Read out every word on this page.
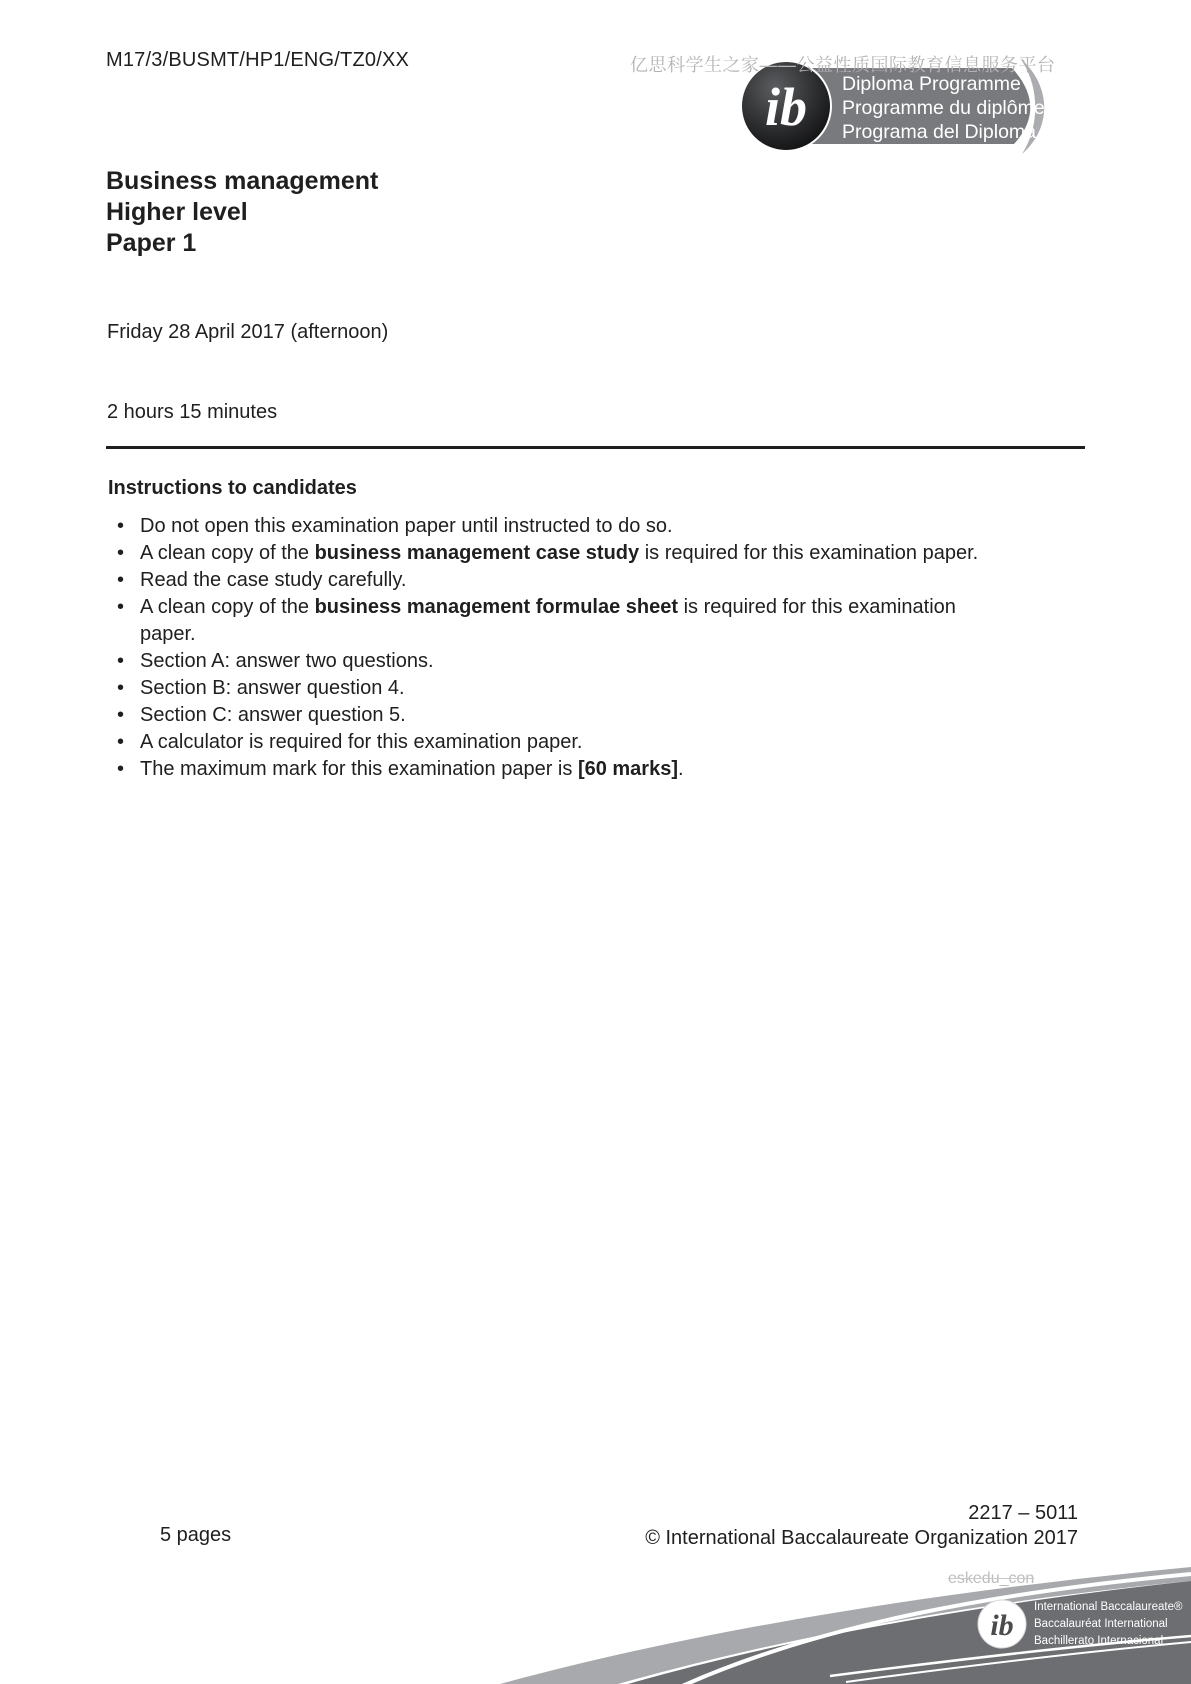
M17/3/BUSMT/HP1/ENG/TZ0/XX	亿思科学生之家——公益性质国际教育信息服务平台
Diploma Programme
Programme du diplôme
Programa del Diploma
ib
Business management
Higher level
Paper 1
Friday 28 April 2017 (afternoon)
2 hours 15 minutes
Instructions to candidates
• Do not open this examination paper until instructed to do so.
• A clean copy of the business management case study is required for this examination paper.
• Read the case study carefully.
• A clean copy of the business management formulae sheet is required for this examination paper.
• Section A: answer two questions.
• Section B: answer question 4.
• Section C: answer question 5.
• A calculator is required for this examination paper.
• The maximum mark for this examination paper is [60 marks].
5 pages
2217 – 5011
© International Baccalaureate Organization 2017
eskedu_con
ib
International Baccalaureate®
Baccalauréat International
Bachillerato Internacional
